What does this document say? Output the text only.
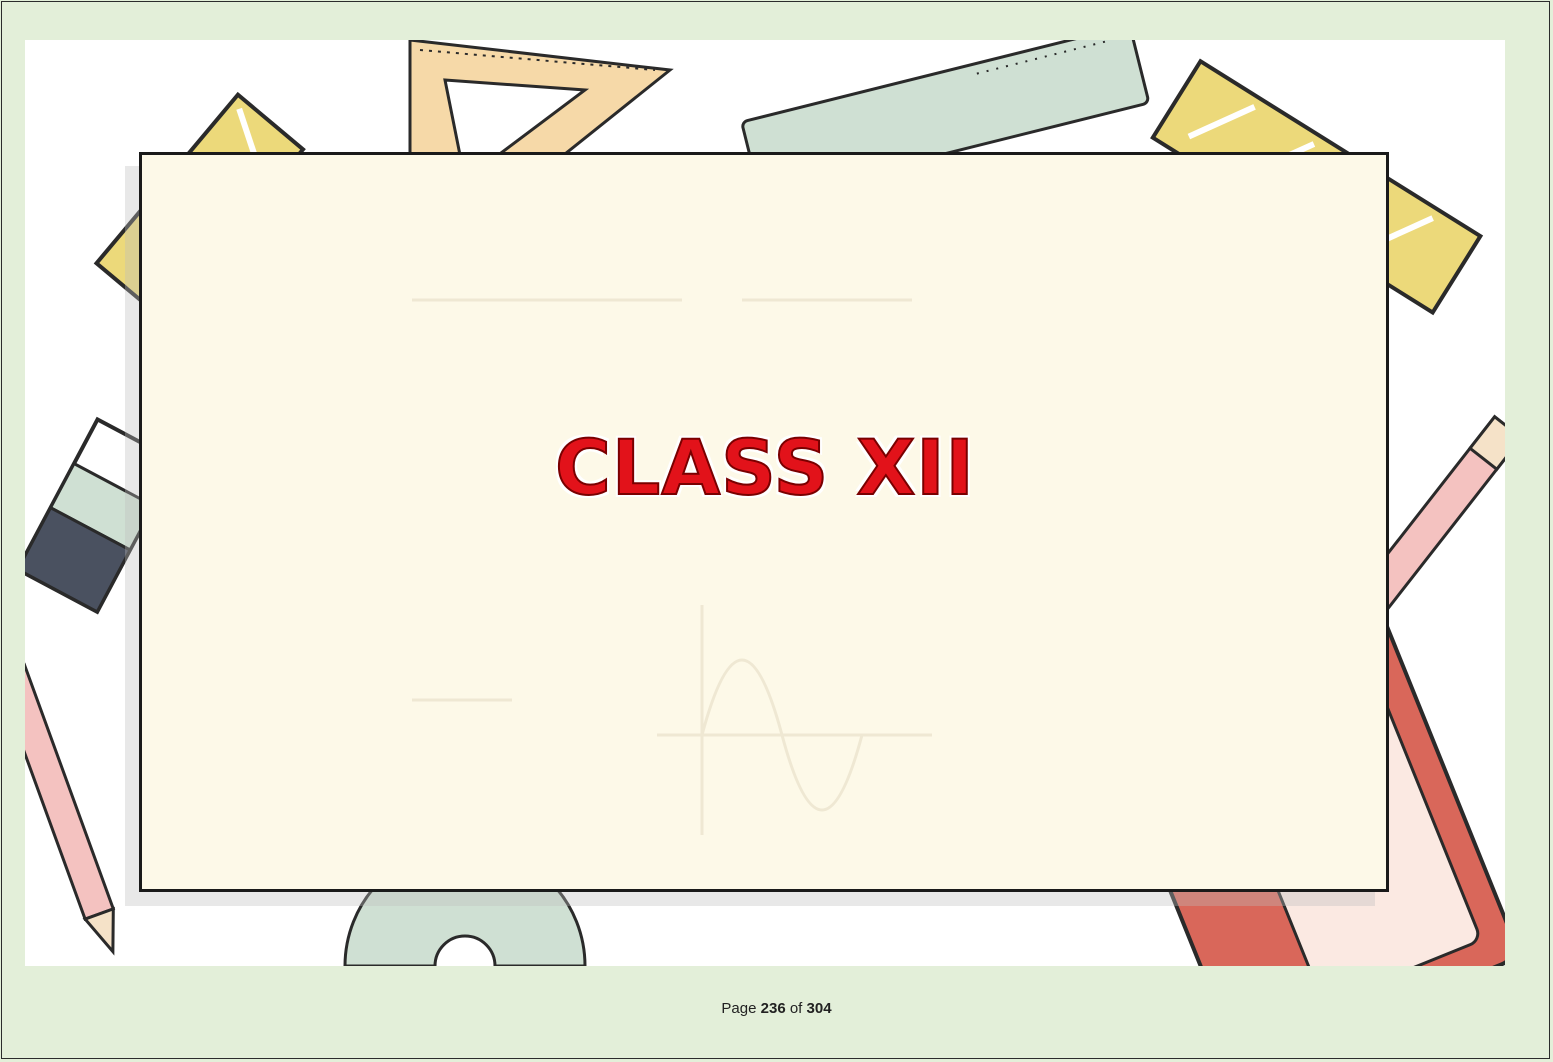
CLASS XII
Page 236 of 304
